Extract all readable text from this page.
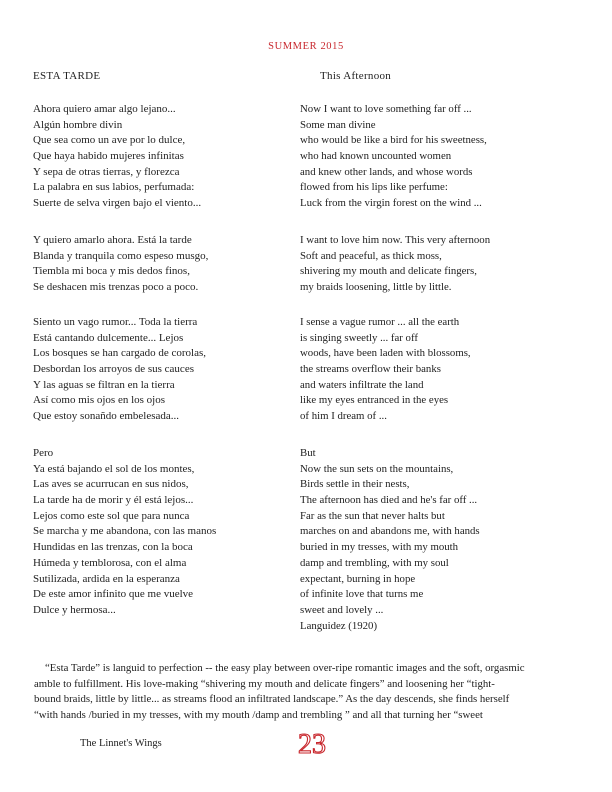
SUMMER 2015
ESTA TARDE	This Afternoon
Ahora quiero amar algo lejano...
Algún hombre divin
Que sea como un ave por lo dulce,
Que haya habido mujeres infinitas
Y sepa de otras tierras, y florezca
La palabra en sus labios, perfumada:
Suerte de selva virgen bajo el viento...
Y quiero amarlo ahora. Está la tarde
Blanda y tranquila como espeso musgo,
Tiembla mi boca y mis dedos finos,
Se deshacen mis trenzas poco a poco.
Siento un vago rumor... Toda la tierra
Está cantando dulcemente... Lejos
Los bosques se han cargado de corolas,
Desbordan los arroyos de sus cauces
Y las aguas se filtran en la tierra
Así como mis ojos en los ojos
Que estoy sonañdo embelesada...
Pero
Ya está bajando el sol de los montes,
Las aves se acurrucan en sus nidos,
La tarde ha de morir y él está lejos...
Lejos como este sol que para nunca
Se marcha y me abandona, con las manos
Hundidas en las trenzas, con la boca
Húmeda y temblorosa, con el alma
Sutilizada, ardida en la esperanza
De este amor infinito que me vuelve
Dulce y hermosa...
Now I want to love something far off ...
Some man divine
who would be like a bird for his sweetness,
who had known uncounted women
and knew other lands, and whose words
flowed from his lips like perfume:
Luck from the virgin forest on the wind ...
I want to love him now. This very afternoon
Soft and peaceful, as thick moss,
shivering my mouth and delicate fingers,
my braids loosening, little by little.
I sense a vague rumor ... all the earth
is singing sweetly ... far off
woods, have been laden with blossoms,
the streams overflow their banks
and waters infiltrate the land
like my eyes entranced in the eyes
of him I dream of ...
But
Now the sun sets on the mountains,
Birds settle in their nests,
The afternoon has died and he's far off ...
Far as the sun that never halts but
marches on and abandons me, with hands
buried in my tresses, with my mouth
damp and trembling, with my soul
expectant, burning in hope
of infinite love that turns me
sweet and lovely ...
Languidez (1920)
“Esta Tarde” is languid to perfection -- the easy play between over-ripe romantic images and the soft, orgasmic
amble to fulfillment. His love-making “shivering my mouth and delicate fingers” and loosening her “tight-
bound braids, little by little... as streams flood an infiltrated landscape.” As the day descends, she finds herself
“with hands /buried in my tresses, with my mouth /damp and trembling ” and all that turning her “sweet
The Linnet's Wings	23
